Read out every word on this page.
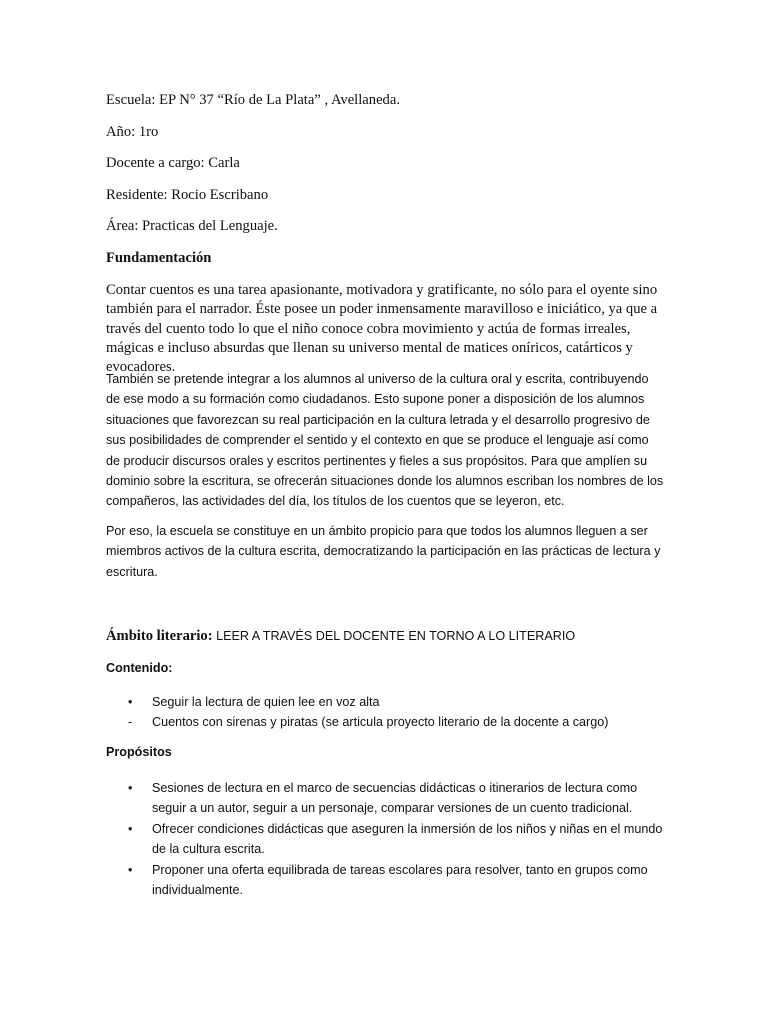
Escuela: EP N° 37 “Río de La Plata” , Avellaneda.

Año: 1ro

Docente a cargo: Carla

Residente: Rocio Escribano

Área: Practicas del Lenguaje.

Fundamentación

Contar cuentos es una tarea apasionante, motivadora y gratificante, no sólo para el oyente sino también para el narrador. Éste posee un poder inmensamente maravilloso e iniciático, ya que a través del cuento todo lo que el niño conoce cobra movimiento y actúa de formas irreales, mágicas e incluso absurdas que llenan su universo mental de matices oníricos, catárticos y evocadores.

También se pretende integrar a los alumnos al universo de la cultura oral y escrita, contribuyendo de ese modo a su formación como ciudadanos. Esto supone poner a disposición de los alumnos situaciones que favorezcan su real participación en la cultura letrada y el desarrollo progresivo de sus posibilidades de comprender el sentido y el contexto en que se produce el lenguaje así como de producir discursos orales y escritos pertinentes y fieles a sus propósitos. Para que amplíen su dominio sobre la escritura, se ofrecerán situaciones donde los alumnos escriban los nombres de los compañeros, las actividades del día, los títulos de los cuentos que se leyeron, etc.

Por eso, la escuela se constituye en un ámbito propicio para que todos los alumnos lleguen a ser miembros activos de la cultura escrita, democratizando la participación en las prácticas de lectura y escritura.

Ámbito literario: LEER A TRAVÉS DEL DOCENTE EN TORNO A LO LITERARIO

Contenido:

• Seguir la lectura de quien lee en voz alta
- Cuentos con sirenas y piratas (se articula proyecto literario de la docente a cargo)

Propósitos

• Sesiones de lectura en el marco de secuencias didácticas o itinerarios de lectura como seguir a un autor, seguir a un personaje, comparar versiones de un cuento tradicional.
• Ofrecer condiciones didácticas que aseguren la inmersión de los niños y niñas en el mundo de la cultura escrita.
• Proponer una oferta equilibrada de tareas escolares para resolver, tanto en grupos como individualmente.
